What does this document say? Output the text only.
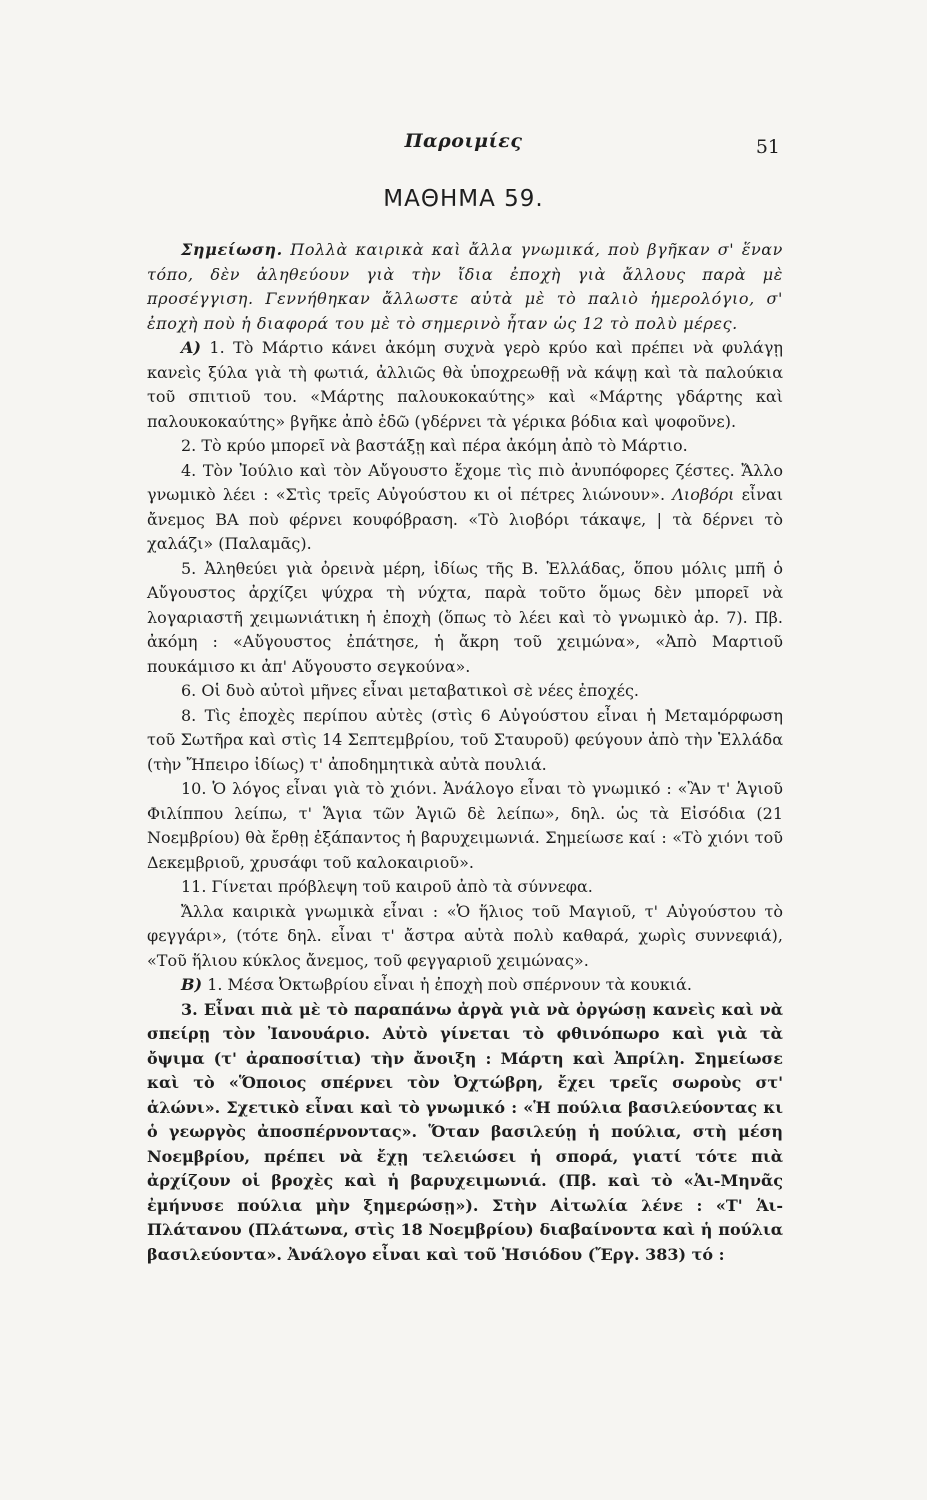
Παροιμίες	51
ΜΑΘΗΜΑ 59.

Σημείωση. Πολλὰ καιρικὰ καὶ ἄλλα γνωμικά, ποὺ βγῆκαν σ' ἕναν τόπο, δὲν ἀληθεύουν γιὰ τὴν ἴδια ἐποχὴ γιὰ ἄλλους παρὰ μὲ προσέγγιση. Γεννήθηκαν ἄλλωστε αὐτὰ μὲ τὸ παλιὸ ἡμερολόγιο, σ' ἐποχὴ ποὺ ἡ διαφορά του μὲ τὸ σημερινὸ ἦταν ὡς 12 τὸ πολὺ μέρες.

Α) 1. Τὸ Μάρτιο κάνει ἀκόμη συχνὰ γερὸ κρύο καὶ πρέπει νὰ φυλάγῃ κανεὶς ξύλα γιὰ τὴ φωτιά, ἀλλιῶς θὰ ὑποχρεωθῇ νὰ κάψῃ καὶ τὰ παλούκια τοῦ σπιτιοῦ του. «Μάρτης παλουκοκαύτης» καὶ «Μάρτης γδάρτης καὶ παλουκοκαύτης» βγῆκε ἀπὸ ἐδῶ (γδέρνει τὰ γέρικα βόδια καὶ ψοφοῦνε).

2. Τὸ κρύο μπορεῖ νὰ βαστάξῃ καὶ πέρα ἀκόμη ἀπὸ τὸ Μάρτιο.

4. Τὸν Ἰούλιο καὶ τὸν Αὔγουστο ἔχομε τὶς πιὸ ἀνυπόφορες ζέστες. Ἄλλο γνωμικὸ λέει : «Στὶς τρεῖς Αὐγούστου κι οἱ πέτρες λιώνουν». Λιοβόρι εἶναι ἄνεμος ΒΑ ποὺ φέρνει κουφόβραση. «Τὸ λιοβόρι τάκαψε, | τὰ δέρνει τὸ χαλάζι» (Παλαμᾶς).

5. Ἀληθεύει γιὰ ὀρεινὰ μέρη, ἰδίως τῆς Β. Ἑλλάδας, ὅπου μόλις μπῆ ὁ Αὔγουστος ἀρχίζει ψύχρα τὴ νύχτα, παρὰ τοῦτο ὅμως δὲν μπορεῖ νὰ λογαριαστῆ χειμωνιάτικη ἡ ἐποχὴ (ὅπως τὸ λέει καὶ τὸ γνωμικὸ ἀρ. 7). Πβ. ἀκόμη : «Αὔγουστος ἐπάτησε, ἡ ἄκρη τοῦ χειμώνα», «Ἀπὸ Μαρτιοῦ πουκάμισο κι ἀπ' Αὔγουστο σεγκούνα».

6. Οἱ δυὸ αὐτοὶ μῆνες εἶναι μεταβατικοὶ σὲ νέες ἐποχές.

8. Τὶς ἐποχὲς περίπου αὐτὲς (στὶς 6 Αὐγούστου εἶναι ἡ Μεταμόρφωση τοῦ Σωτῆρα καὶ στὶς 14 Σεπτεμβρίου, τοῦ Σταυροῦ) φεύγουν ἀπὸ τὴν Ἑλλάδα (τὴν Ἤπειρο ἰδίως) τ' ἀποδημητικὰ αὐτὰ πουλιά.

10. Ὁ λόγος εἶναι γιὰ τὸ χιόνι. Ἀνάλογο εἶναι τὸ γνωμικό : «Ἂν τ' Ἁγιοῦ Φιλίππου λείπω, τ' Ἅγια τῶν Ἁγιῶ δὲ λείπω», δηλ. ὡς τὰ Εἰσόδια (21 Νοεμβρίου) θὰ ἔρθῃ ἐξάπαντος ἡ βαρυχειμωνιά. Σημείωσε καί : «Τὸ χιόνι τοῦ Δεκεμβριοῦ, χρυσάφι τοῦ καλοκαιριοῦ».

11. Γίνεται πρόβλεψη τοῦ καιροῦ ἀπὸ τὰ σύννεφα.

Ἄλλα καιρικὰ γνωμικὰ εἶναι : «Ὁ ἥλιος τοῦ Μαγιοῦ, τ' Αὐγούστου τὸ φεγγάρι», (τότε δηλ. εἶναι τ' ἄστρα αὐτὰ πολὺ καθαρά, χωρὶς συννεφιά), «Τοῦ ἥλιου κύκλος ἄνεμος, τοῦ φεγγαριοῦ χειμώνας».

Β) 1. Μέσα Ὀκτωβρίου εἶναι ἡ ἐποχὴ ποὺ σπέρνουν τὰ κουκιά.

3. Εἶναι πιὰ μὲ τὸ παραπάνω ἀργὰ γιὰ νὰ ὀργώσῃ κανεὶς καὶ νὰ σπείρῃ τὸν Ἰανουάριο. Αὐτὸ γίνεται τὸ φθινόπωρο καὶ γιὰ τὰ ὄψιμα (τ' ἀραποσίτια) τὴν ἄνοιξη : Μάρτη καὶ Ἀπρίλη. Σημείωσε καὶ τὸ «Ὅποιος σπέρνει τὸν Ὀχτώβρη, ἔχει τρεῖς σωροὺς στ' ἁλώνι». Σχετικὸ εἶναι καὶ τὸ γνωμικό : «Ἡ πούλια βασιλεύοντας κι ὁ γεωργὸς ἀποσπέρνοντας». Ὅταν βασιλεύῃ ἡ πούλια, στὴ μέση Νοεμβρίου, πρέπει νὰ ἔχῃ τελειώσει ἡ σπορά, γιατί τότε πιὰ ἀρχίζουν οἱ βροχὲς καὶ ἡ βαρυχειμωνιά. (Πβ. καὶ τὸ «Ἁι-Μηνᾶς ἐμήνυσε πούλια μὴν ξημερώσῃ»). Στὴν Αἰτωλία λένε : «Τ' Ἁι-Πλάτανου (Πλάτωνα, στὶς 18 Νοεμβρίου) διαβαίνοντα καὶ ἡ πούλια βασιλεύοντα». Ἀνάλογο εἶναι καὶ τοῦ Ἡσιόδου (Ἔργ. 383) τό :
